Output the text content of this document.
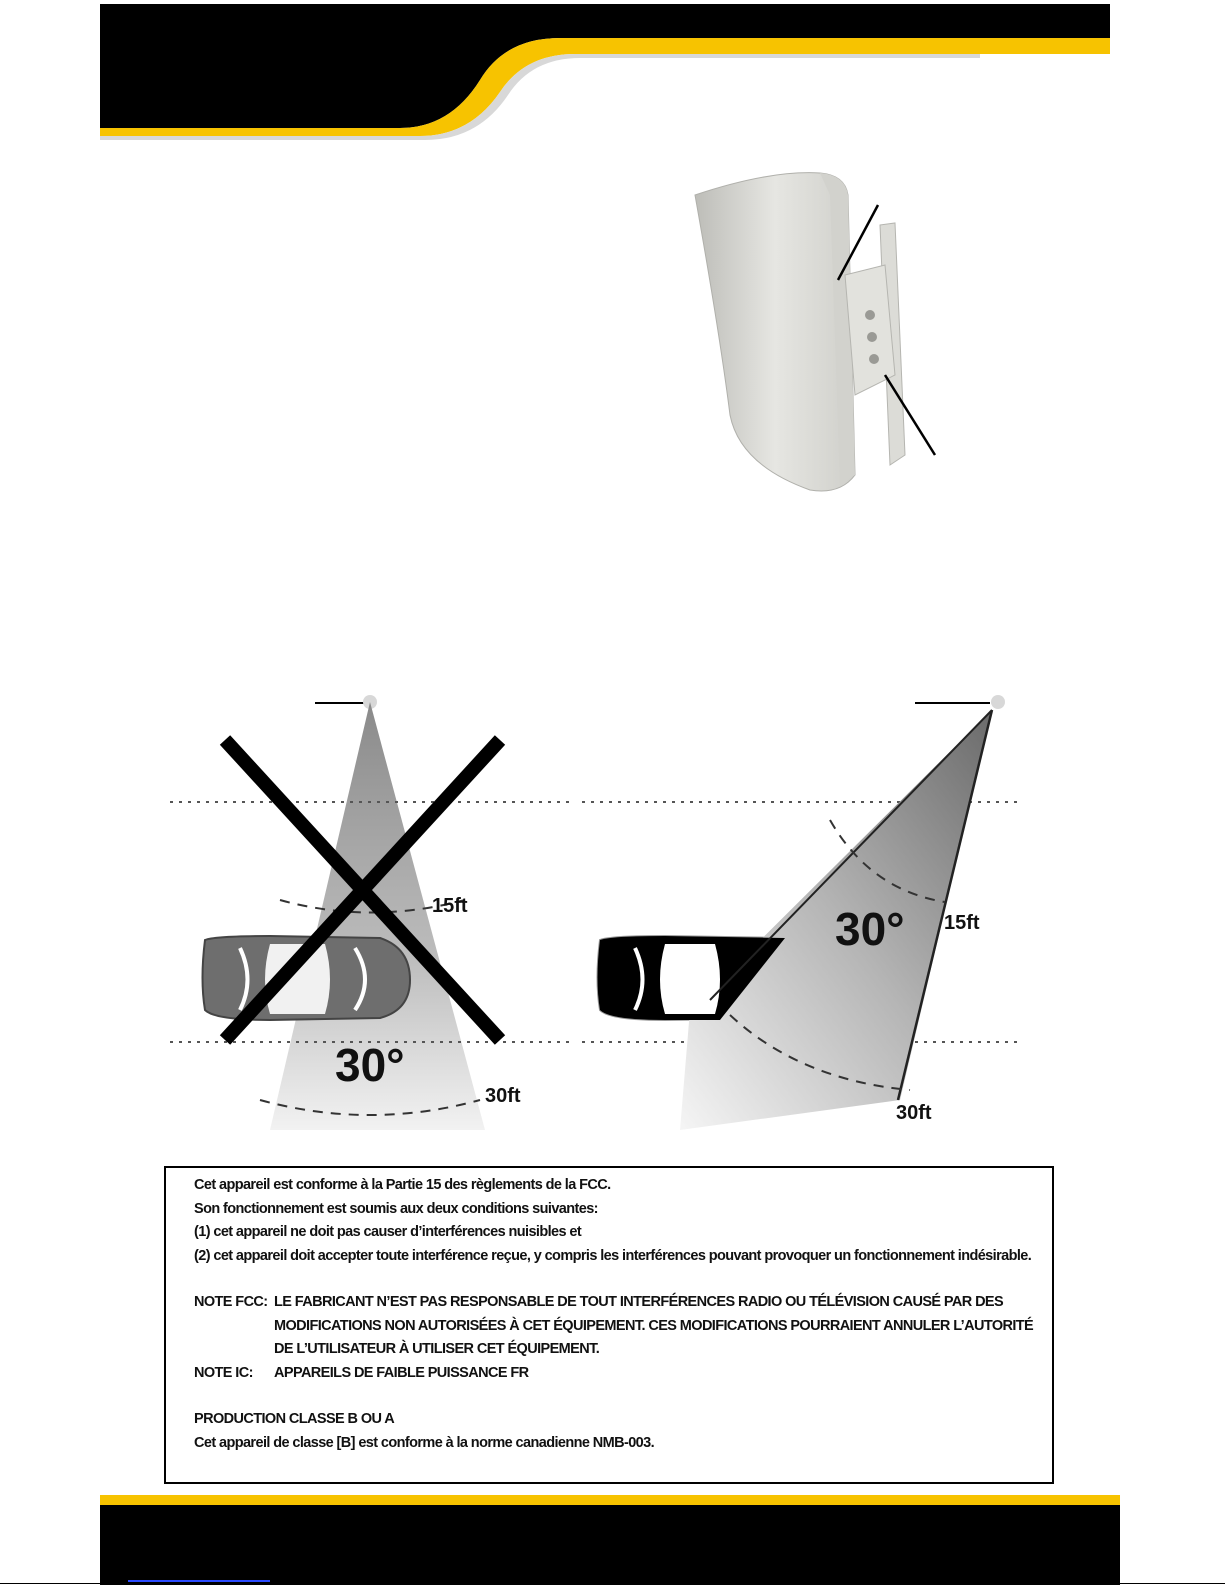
30°
15ft
30ft
30° 15ft
30ft

Cet appareil est conforme à la Partie 15 des règlements de la FCC.

Son fonctionnement est soumis aux deux conditions suivantes:

(1) cet appareil ne doit pas causer d’interférences nuisibles et

(2) cet appareil doit accepter toute interférence reçue, y compris les interférences pouvant provoquer un fonctionnement indésirable.

NOTE FCC: LE FABRICANT N’EST PAS RESPONSABLE DE TOUT INTERFÉRENCES RADIO OU TÉLÉVISION CAUSÉ PAR DES MODIFICATIONS NON AUTORISÉES À CET ÉQUIPEMENT. CES MODIFICATIONS POURRAIENT ANNULER L’AUTORITÉ DE L’UTILISATEUR À UTILISER CET ÉQUIPEMENT.
NOTE IC:	APPAREILS DE FAIBLE PUISSANCE FR

PRODUCTION CLASSE B OU A

Cet appareil de classe [B] est conforme à la norme canadienne NMB-003.
